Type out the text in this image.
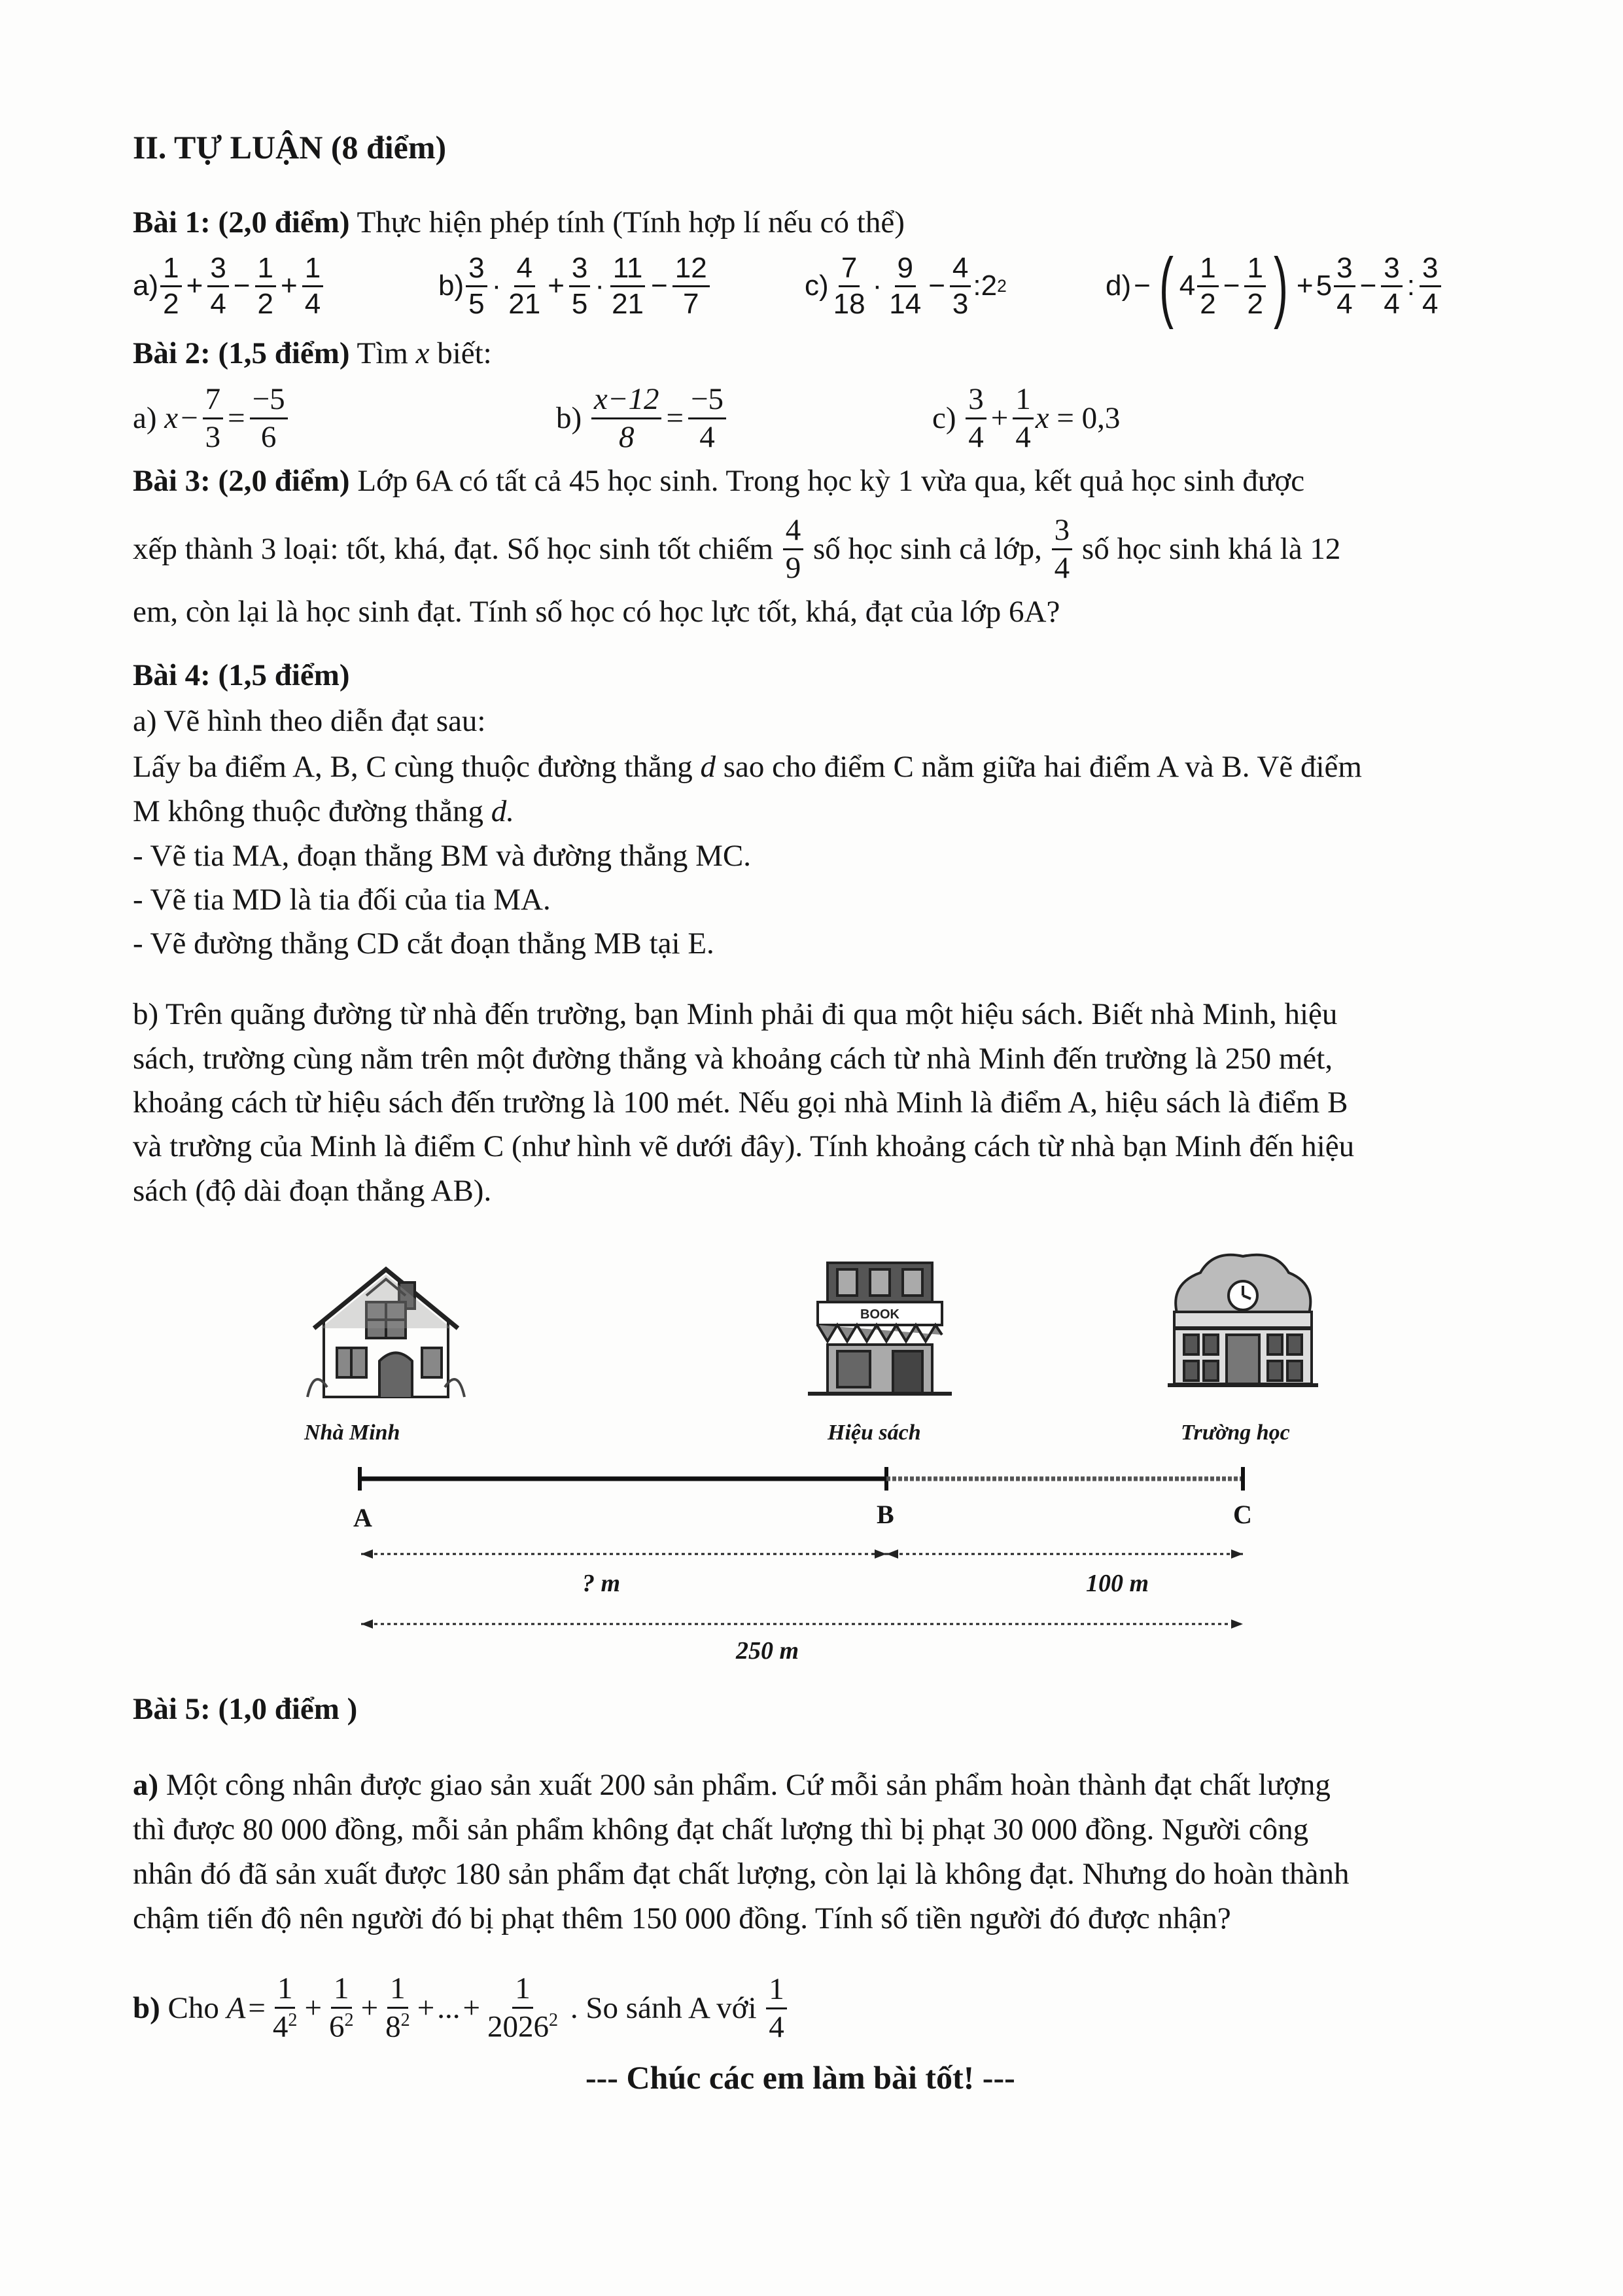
II. TỰ LUẬN (8 điểm)
Bài 1: (2,0 điểm) Thực hiện phép tính (Tính hợp lí nếu có thể)
$a) \frac{1}{2} + \frac{3}{4} - \frac{1}{2} + \frac{1}{4}$	$b) \frac{3}{5} \cdot \frac{4}{21} + \frac{3}{5} \cdot \frac{11}{21} - \frac{12}{7}$	$c) \frac{7}{18} \cdot \frac{9}{14} - \frac{4}{3}$ :2 2	d) − ( $4 \frac{1}{2} - \frac{1}{2}$ ) + $5 \frac{3}{4} - \frac{3}{4}$ : $\frac{3}{4}$
Bài 2: (1,5 điểm) Tìm x biết:
a)
$x - \frac{7}{3} = \frac{-5}{6}$	b)
$\frac{x-12}{8} = \frac{-5}{4}$	c)
$\frac{3}{4} + \frac{1}{4}$ x
= 0,3
Bài 3: (2,0 điểm) Lớp 6A có tất cả 45 học sinh. Trong học kỳ 1 vừa qua, kết quả học sinh được
xếp thành 3 loại: tốt, khá, đạt. Số học sinh tốt chiếm
$\frac{4}{9}$
số học sinh cả lớp,
$\frac{3}{4}$
số học sinh khá là 12
em, còn lại là học sinh đạt. Tính số học có học lực tốt, khá, đạt của lớp 6A?
Bài 4: (1,5 điểm)
a) Vẽ hình theo diễn đạt sau:
Lấy ba điểm A, B, C cùng thuộc đường thẳng d sao cho điểm C nằm giữa hai điểm A và B. Vẽ điểm
M không thuộc đường thẳng d.
- Vẽ tia MA, đoạn thẳng BM và đường thẳng MC.
- Vẽ tia MD là tia đối của tia MA.
- Vẽ đường thẳng CD cắt đoạn thẳng MB tại E.
b) Trên quãng đường từ nhà đến trường, bạn Minh phải đi qua một hiệu sách. Biết nhà Minh, hiệu
sách, trường cùng nằm trên một đường thẳng và khoảng cách từ nhà Minh đến trường là 250 mét,
khoảng cách từ hiệu sách đến trường là 100 mét. Nếu gọi nhà Minh là điểm A, hiệu sách là điểm B
và trường của Minh là điểm C (như hình vẽ dưới đây). Tính khoảng cách từ nhà bạn Minh đến hiệu
sách (độ dài đoạn thẳng AB).
Nhà Minh
BOOK
Hiệu sách	Trường học
A	B	C
? m	100 m
250 m
Bài 5: (1,0 điểm )
a) Một công nhân được giao sản xuất 200 sản phẩm. Cứ mỗi sản phẩm hoàn thành đạt chất lượng
thì được 80 000 đồng, mỗi sản phẩm không đạt chất lượng thì bị phạt 30 000 đồng. Người công
nhân đó đã sản xuất được 180 sản phẩm đạt chất lượng, còn lại là không đạt. Nhưng do hoàn thành
chậm tiến độ nên người đó bị phạt thêm 150 000 đồng. Tính số tiền người đó được nhận?
b)
Cho
$A = \frac{1}{4^2} + \frac{1}{6^2} + \frac{1}{8^2}$ + ... + $\frac{1}{2026^2}$
. So sánh A với
$\frac{1}{4}$
--- Chúc các em làm bài tốt! ---
